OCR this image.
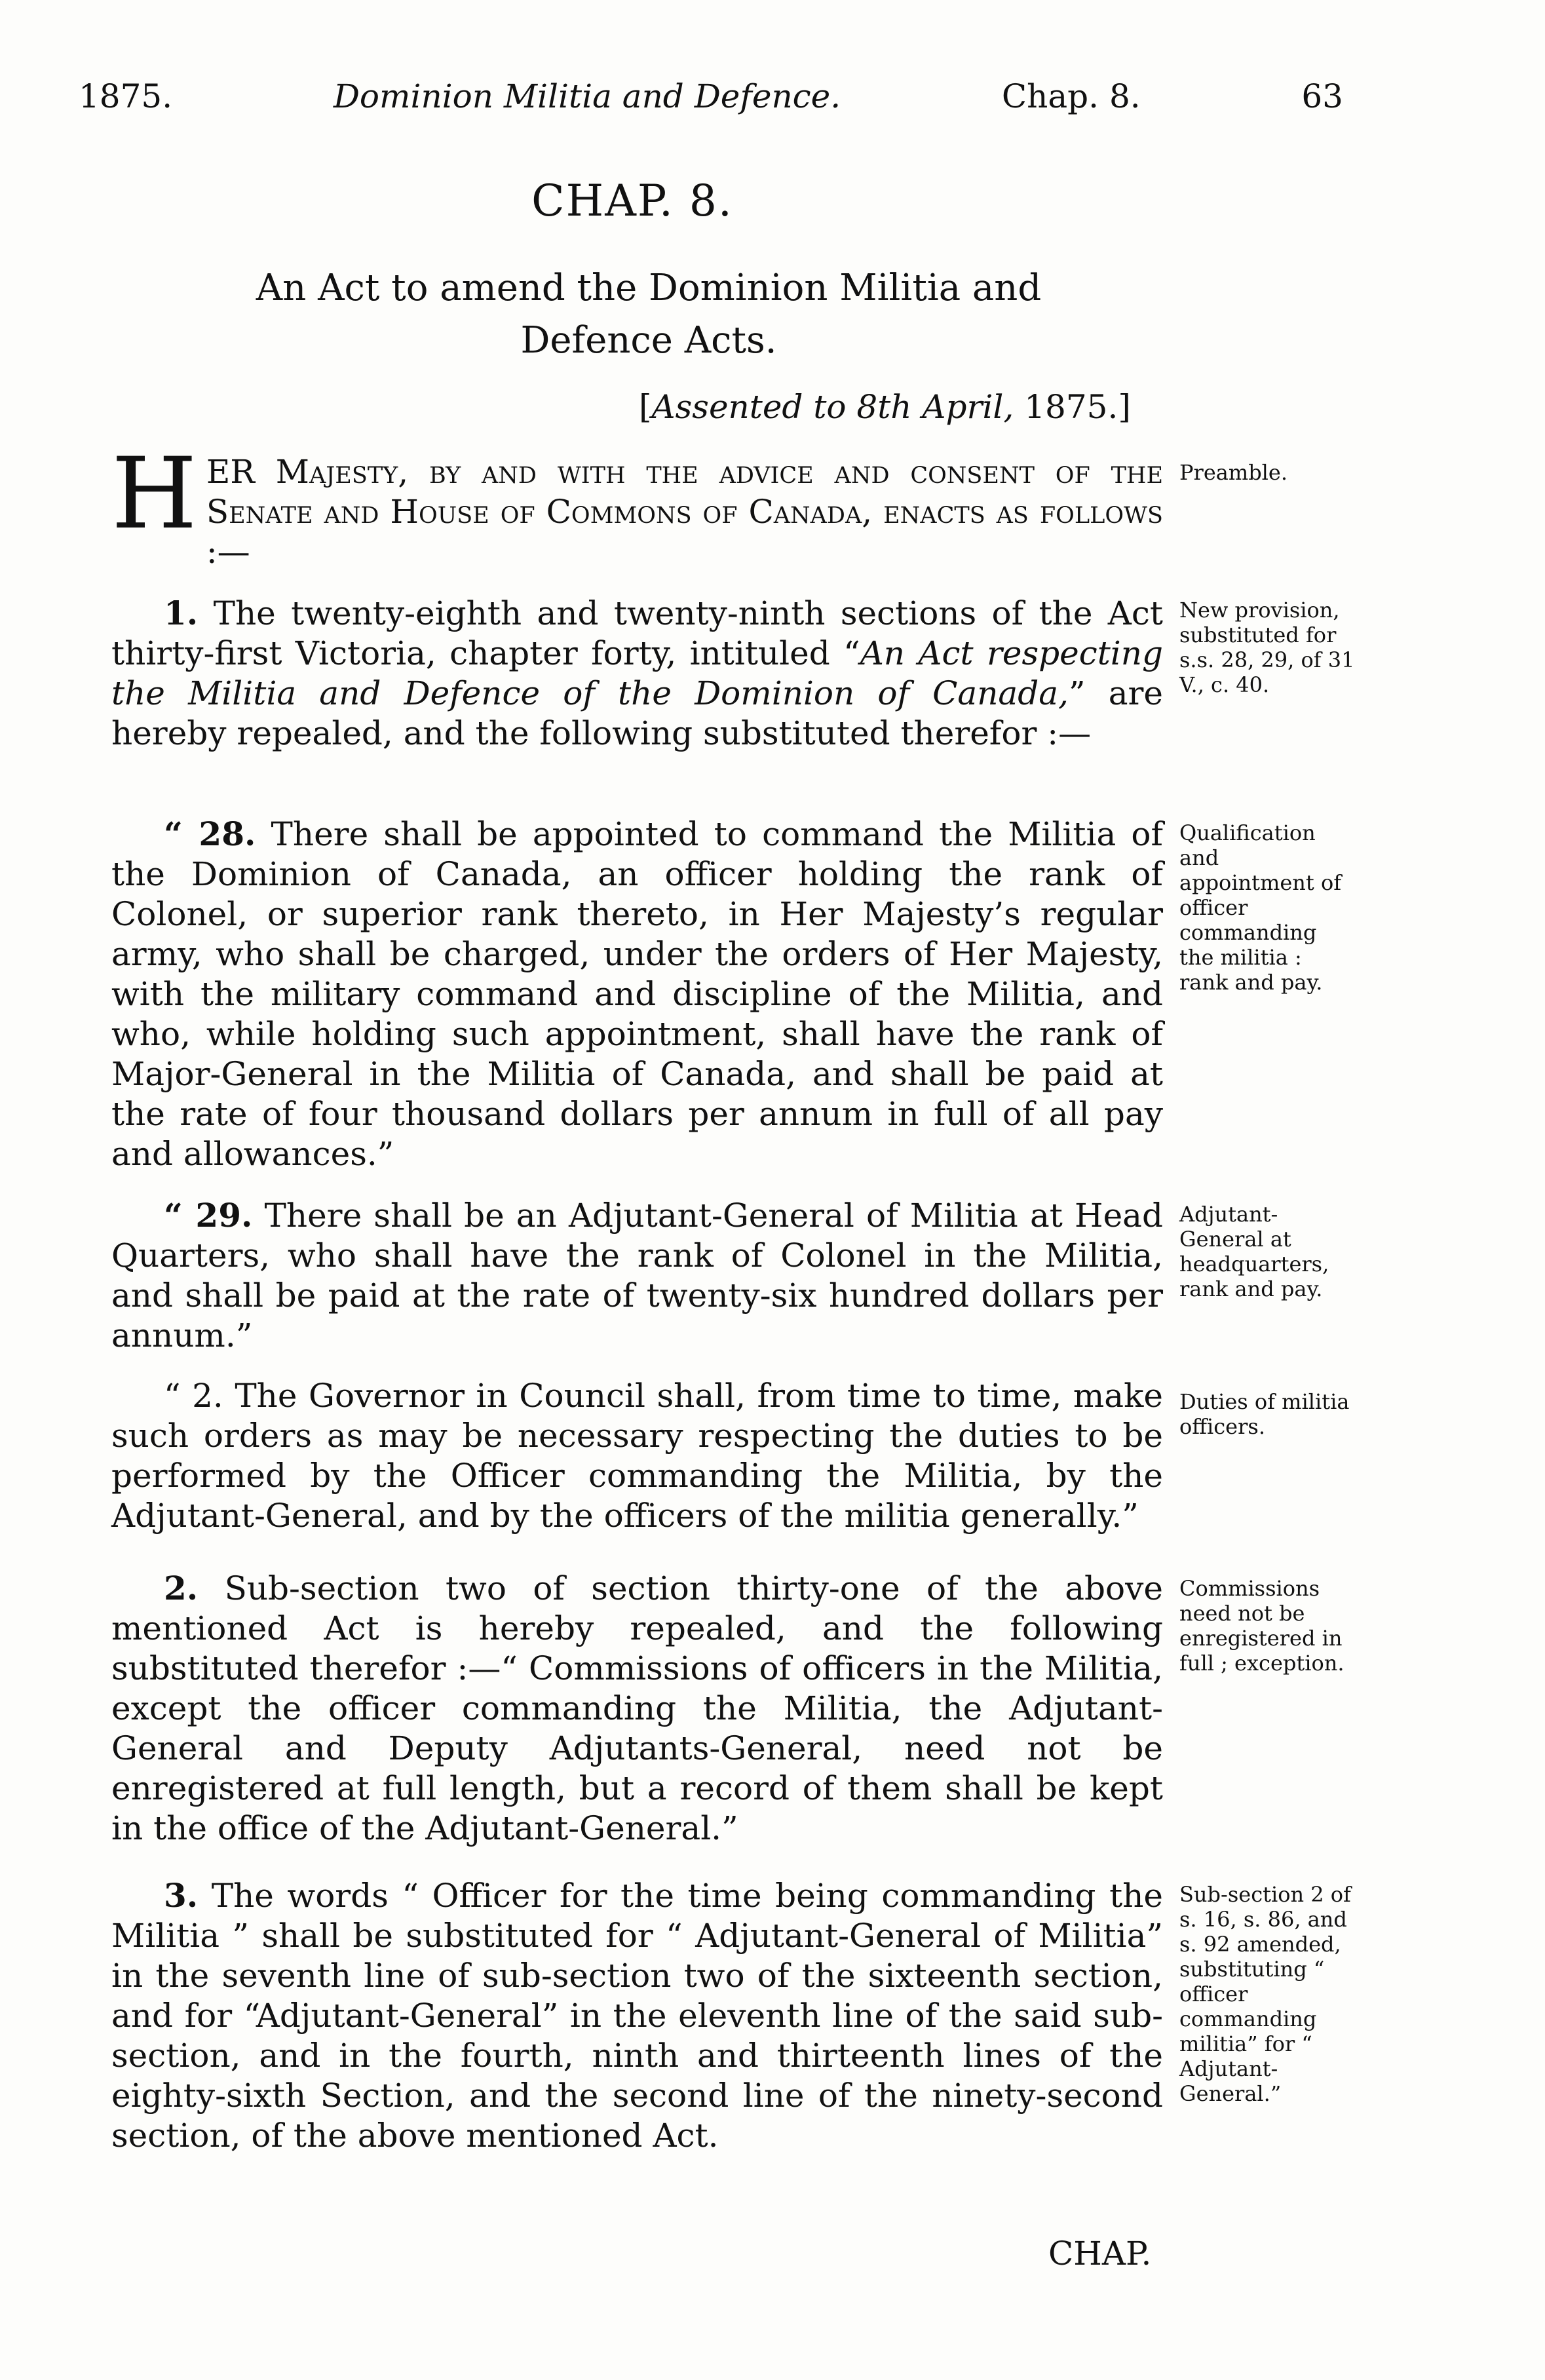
1875.	Dominion Militia and Defence.	Chap. 8.	63
CHAP. 8.
An Act to amend the Dominion Militia and
Defence Acts.
[Assented to 8th April, 1875.]

HER Majesty, by and with the advice and consent of the Senate and House of Commons of Canada, enacts as follows :—

Preamble.

1. The twenty-eighth and twenty-ninth sections of the Act thirty-first Victoria, chapter forty, intituled “An Act respecting the Militia and Defence of the Dominion of Canada,” are hereby repealed, and the following substituted therefor :—

New provision, substituted for s.s. 28, 29, of 31 V., c. 40.

“ 28. There shall be appointed to command the Militia of the Dominion of Canada, an officer holding the rank of Colonel, or superior rank thereto, in Her Majesty’s regular army, who shall be charged, under the orders of Her Majesty, with the military command and discipline of the Militia, and who, while holding such appointment, shall have the rank of Major-General in the Militia of Canada, and shall be paid at the rate of four thousand dollars per annum in full of all pay and allowances.”

Qualification and appointment of officer commanding the militia : rank and pay.

“ 29. There shall be an Adjutant-General of Militia at Head Quarters, who shall have the rank of Colonel in the Militia, and shall be paid at the rate of twenty-six hundred dollars per annum.”

Adjutant-General at headquarters, rank and pay.

“ 2. The Governor in Council shall, from time to time, make such orders as may be necessary respecting the duties to be performed by the Officer commanding the Militia, by the Adjutant-General, and by the officers of the militia generally.”

Duties of militia officers.

2. Sub-section two of section thirty-one of the above mentioned Act is hereby repealed, and the following substituted therefor :—“ Commissions of officers in the Militia, except the officer commanding the Militia, the Adjutant-General and Deputy Adjutants-General, need not be enregistered at full length, but a record of them shall be kept in the office of the Adjutant-General.”

Commissions need not be enregistered in full ; exception.

3. The words “ Officer for the time being commanding the Militia ” shall be substituted for “ Adjutant-General of Militia” in the seventh line of sub-section two of the sixteenth section, and for “Adjutant-General” in the eleventh line of the said sub-section, and in the fourth, ninth and thirteenth lines of the eighty-sixth Section, and the second line of the ninety-second section, of the above mentioned Act.

Sub-section 2 of s. 16, s. 86, and s. 92 amended, substituting “ officer commanding militia” for “ Adjutant-General.”
CHAP.
